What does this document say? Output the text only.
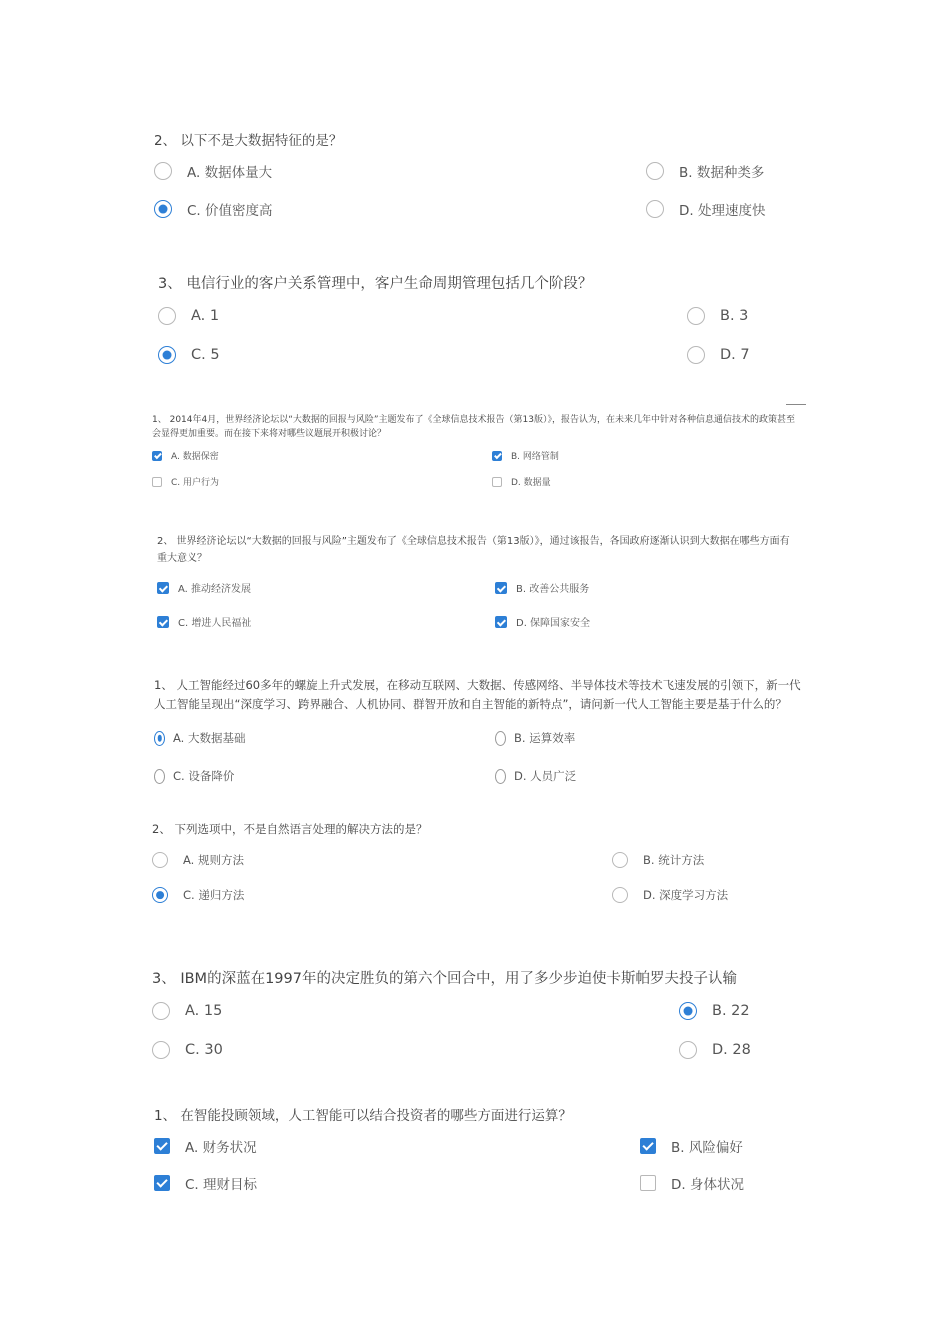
2、 以下不是大数据特征的是？
A. 数据体量大	B. 数据种类多
C. 价值密度高	D. 处理速度快
3、 电信行业的客户关系管理中，客户生命周期管理包括几个阶段？
A. 1	B. 3
C. 5	D. 7
1、 2014年4月，世界经济论坛以“大数据的回报与风险”主题发布了《全球信息技术报告（第13版）》，报告认为，在未来几年中针对各种信息通信技术的政策甚至会显得更加重要。而在接下来将对哪些议题展开积极讨论？
A. 数据保密	B. 网络管制
C. 用户行为	D. 数据量
2、 世界经济论坛以“大数据的回报与风险”主题发布了《全球信息技术报告（第13版）》，通过该报告，各国政府逐渐认识到大数据在哪些方面有重大意义？
A. 推动经济发展	B. 改善公共服务
C. 增进人民福祉	D. 保障国家安全
1、 人工智能经过60多年的螺旋上升式发展，在移动互联网、大数据、传感网络、半导体技术等技术飞速发展的引领下，新一代人工智能呈现出“深度学习、跨界融合、人机协同、群智开放和自主智能的新特点”，请问新一代人工智能主要是基于什么的？
A. 大数据基础	B. 运算效率
C. 设备降价	D. 人员广泛
2、 下列选项中，不是自然语言处理的解决方法的是？
A. 规则方法	B. 统计方法
C. 递归方法	D. 深度学习方法
3、 IBM的深蓝在1997年的决定胜负的第六个回合中，用了多少步迫使卡斯帕罗夫投子认输
A. 15	B. 22
C. 30	D. 28
1、 在智能投顾领域，人工智能可以结合投资者的哪些方面进行运算？
A. 财务状况	B. 风险偏好
C. 理财目标	D. 身体状况
